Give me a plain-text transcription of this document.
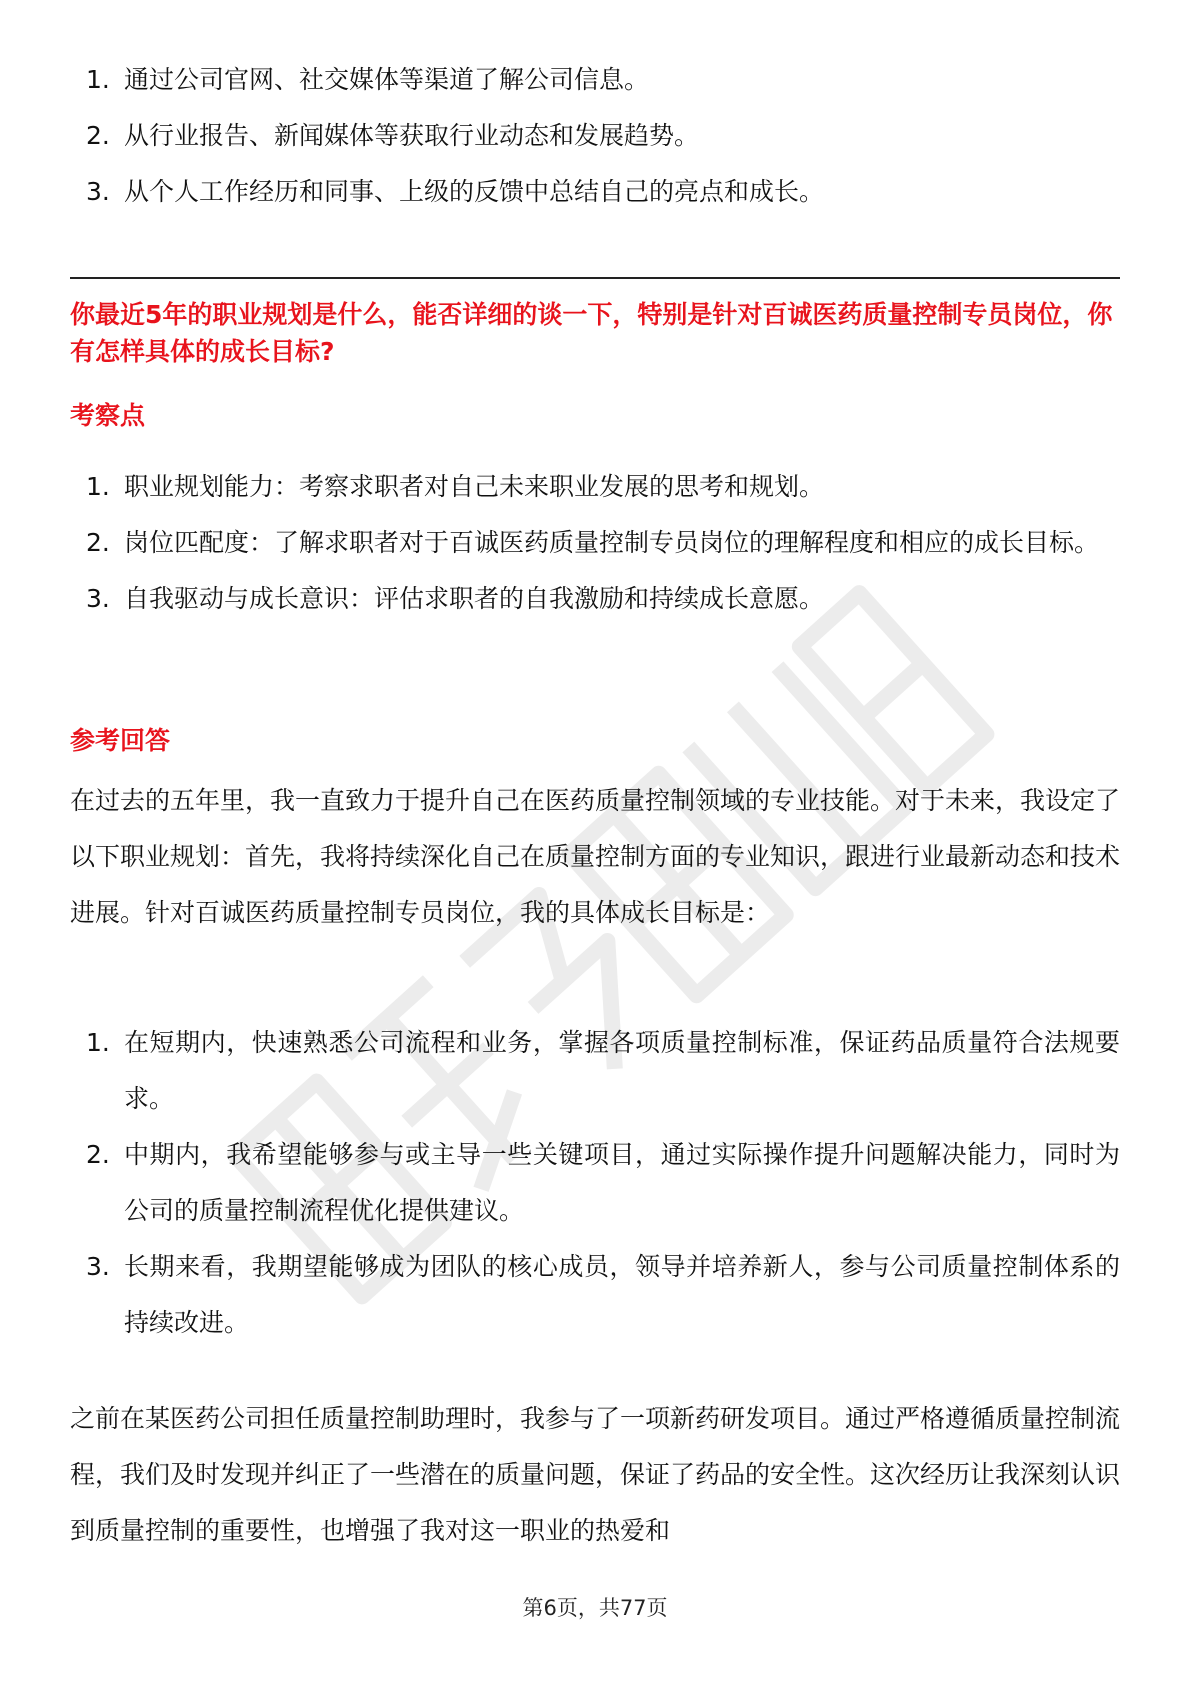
1. 通过公司官网、社交媒体等渠道了解公司信息。
2. 从行业报告、新闻媒体等获取行业动态和发展趋势。
3. 从个人工作经历和同事、上级的反馈中总结自己的亮点和成长。
你最近5年的职业规划是什么，能否详细的谈一下，特别是针对百诚医药质量控制专员岗位，你有怎样具体的成长目标?
考察点
1. 职业规划能力：考察求职者对自己未来职业发展的思考和规划。
2. 岗位匹配度：了解求职者对于百诚医药质量控制专员岗位的理解程度和相应的成长目标。
3. 自我驱动与成长意识：评估求职者的自我激励和持续成长意愿。
参考回答

在过去的五年里，我一直致力于提升自己在医药质量控制领域的专业技能。对于未来，我设定了以下职业规划：首先，我将持续深化自己在质量控制方面的专业知识，跟进行业最新动态和技术进展。针对百诚医药质量控制专员岗位，我的具体成长目标是：

1. 在短期内，快速熟悉公司流程和业务，掌握各项质量控制标准，保证药品质量符合法规要求。
2. 中期内，我希望能够参与或主导一些关键项目，通过实际操作提升问题解决能力，同时为公司的质量控制流程优化提供建议。
3. 长期来看，我期望能够成为团队的核心成员，领导并培养新人，参与公司质量控制体系的持续改进。

之前在某医药公司担任质量控制助理时，我参与了一项新药研发项目。通过严格遵循质量控制流程，我们及时发现并纠正了一些潜在的质量问题，保证了药品的安全性。这次经历让我深刻认识到质量控制的重要性，也增强了我对这一职业的热爱和

第6页，共77页
